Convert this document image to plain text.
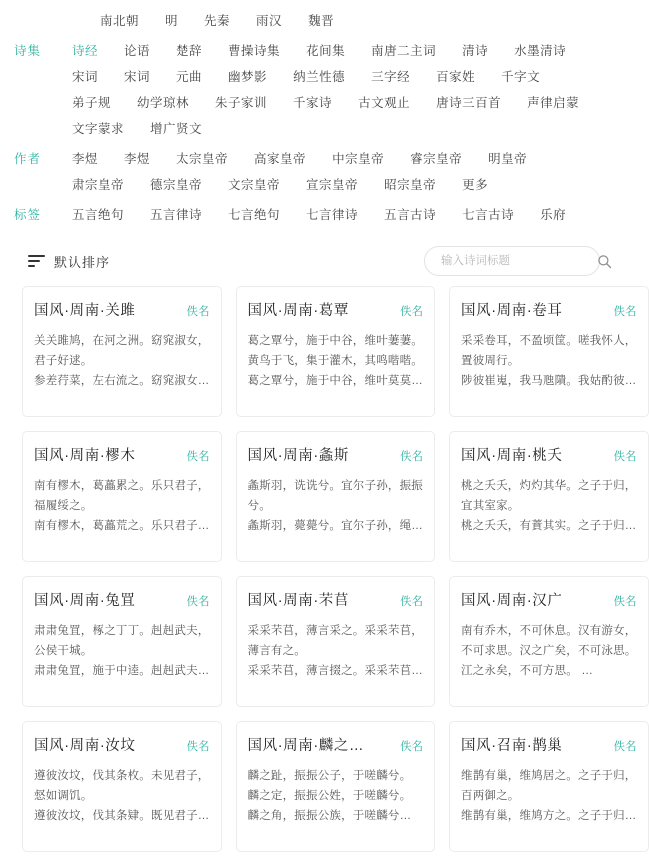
南北朝 明 先秦 雨汉 魏晋
诗集	诗经 论语 楚辞 曹操诗集 花间集 南唐二主词 清诗 水墨清诗
宋词 宋词 元曲 幽梦影 纳兰性德 三字经 百家姓 千字文
弟子规 幼学琼林 朱子家训 千家诗 古文观止 唐诗三百首 声律启蒙
文字蒙求 增广贤文
作者	李煜 李煜 太宗皇帝 高家皇帝 中宗皇帝 睿宗皇帝 明皇帝
肃宗皇帝 德宗皇帝 文宗皇帝 宣宗皇帝 昭宗皇帝 更多
标签	五言绝句 五言律诗 七言绝句 七言律诗 五言古诗 七言古诗 乐府
默认排序
输入诗词标题
国风·周南·关雎	佚名
关关雎鸠，在河之洲。窈窕淑女，
君子好逑。
参差荇菜，左右流之。窈窕淑女…
国风·周南·葛覃	佚名
葛之覃兮，施于中谷，维叶萋萋。
黄鸟于飞，集于灌木，其鸣喈喈。
葛之覃兮，施于中谷，维叶莫莫…
国风·周南·卷耳	佚名
采采卷耳，不盈顷筐。嗟我怀人，
置彼周行。
陟彼崔嵬，我马虺隤。我姑酌彼…
国风·周南·樛木	佚名
南有樛木，葛藟累之。乐只君子，
福履绥之。
南有樛木，葛藟荒之。乐只君子…
国风·周南·螽斯	佚名
螽斯羽，诜诜兮。宜尔子孙，振振
兮。
螽斯羽，薨薨兮。宜尔子孙，绳…
国风·周南·桃夭	佚名
桃之夭夭，灼灼其华。之子于归，
宜其室家。
桃之夭夭，有蕡其实。之子于归…
国风·周南·兔罝	佚名
肃肃兔罝，椓之丁丁。赳赳武夫，
公侯干城。
肃肃兔罝，施于中逵。赳赳武夫…
国风·周南·芣苢	佚名
采采芣苢，薄言采之。采采芣苢，
薄言有之。
采采芣苢，薄言掇之。采采芣苢…
国风·周南·汉广	佚名
南有乔木，不可休息。汉有游女，
不可求思。汉之广矣，不可泳思。
江之永矣，不可方思。 …
国风·周南·汝坟	佚名
遵彼汝坟，伐其条枚。未见君子，
惄如调饥。
遵彼汝坟，伐其条肄。既见君子…
国风·周南·麟之…	佚名
麟之趾，振振公子，于嗟麟兮。
麟之定，振振公姓，于嗟麟兮。
麟之角，振振公族，于嗟麟兮…
国风·召南·鹊巢	佚名
维鹊有巢，维鸠居之。之子于归，
百两御之。
维鹊有巢，维鸠方之。之子于归…
